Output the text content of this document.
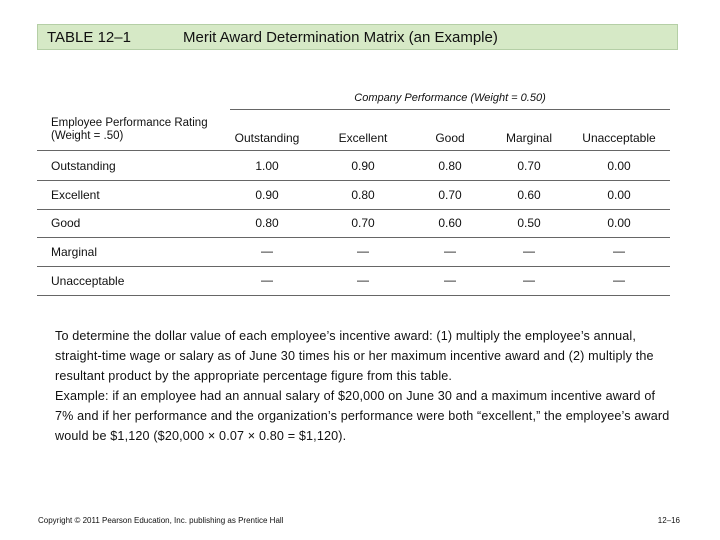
TABLE 12–1	Merit Award Determination Matrix (an Example)
Company Performance (Weight = 0.50)
Employee Performance Rating (Weight = .50)	Outstanding	Excellent	Good	Marginal	Unacceptable
Outstanding	1.00	0.90	0.80	0.70	0.00
Excellent	0.90	0.80	0.70	0.60	0.00
Good	0.80	0.70	0.60	0.50	0.00
Marginal	—	—	—	—	—
Unacceptable	—	—	—	—	—

To determine the dollar value of each employee’s incentive award: (1) multiply the employee’s annual, straight-time wage or salary as of June 30 times his or her maximum incentive award and (2) multiply the resultant product by the appropriate percentage figure from this table.

Example: if an employee had an annual salary of $20,000 on June 30 and a maximum incentive award of 7% and if her performance and the organization’s performance were both “excellent,” the employee’s award would be $1,120 ($20,000 × 0.07 × 0.80 = $1,120).

Copyright © 2011 Pearson Education, Inc. publishing as Prentice Hall	12–16
